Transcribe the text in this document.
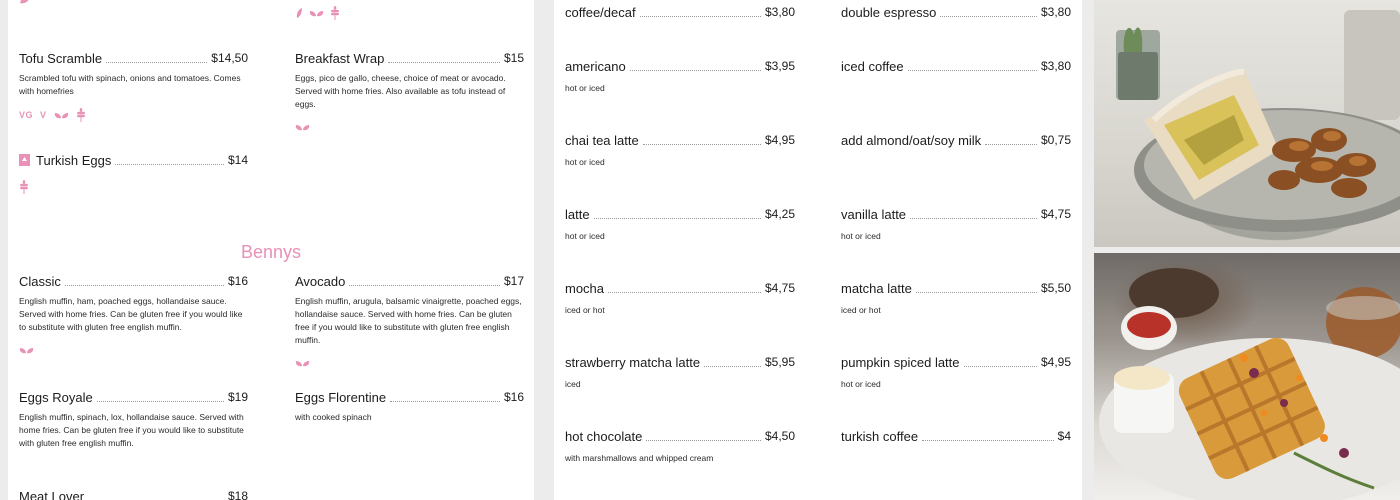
Tofu Scramble	$14,50
Scrambled tofu with spinach, onions and tomatoes. Comes with homefries
VG V
Breakfast Wrap	$15
Eggs, pico de gallo, cheese, choice of meat or avocado. Served with home fries. Also available as tofu instead of eggs.
Turkish Eggs	$14
Bennys
Classic	$16
English muffin, ham, poached eggs, hollandaise sauce. Served with home fries. Can be gluten free if you would like to substitute with gluten free english muffin.
Avocado	$17
English muffin, arugula, balsamic vinaigrette, poached eggs, hollandaise sauce. Served with home fries. Can be gluten free if you would like to substitute with gluten free english muffin.
Eggs Royale	$19
English muffin, spinach, lox, hollandaise sauce. Served with home fries. Can be gluten free if you would like to substitute with gluten free english muffin.
Eggs Florentine	$16
with cooked spinach
Meat Lover	$18
coffee/decaf	$3,80	double espresso	$3,80
americano	$3,95
hot or iced
iced coffee	$3,80
chai tea latte	$4,95
hot or iced
add almond/oat/soy milk	$0,75
latte	$4,25
hot or iced
vanilla latte	$4,75
hot or iced
mocha	$4,75
iced or hot
matcha latte	$5,50
iced or hot
strawberry matcha latte	$5,95
iced
pumpkin spiced latte	$4,95
hot or iced
hot chocolate	$4,50
with marshmallows and whipped cream
turkish coffee	$4
